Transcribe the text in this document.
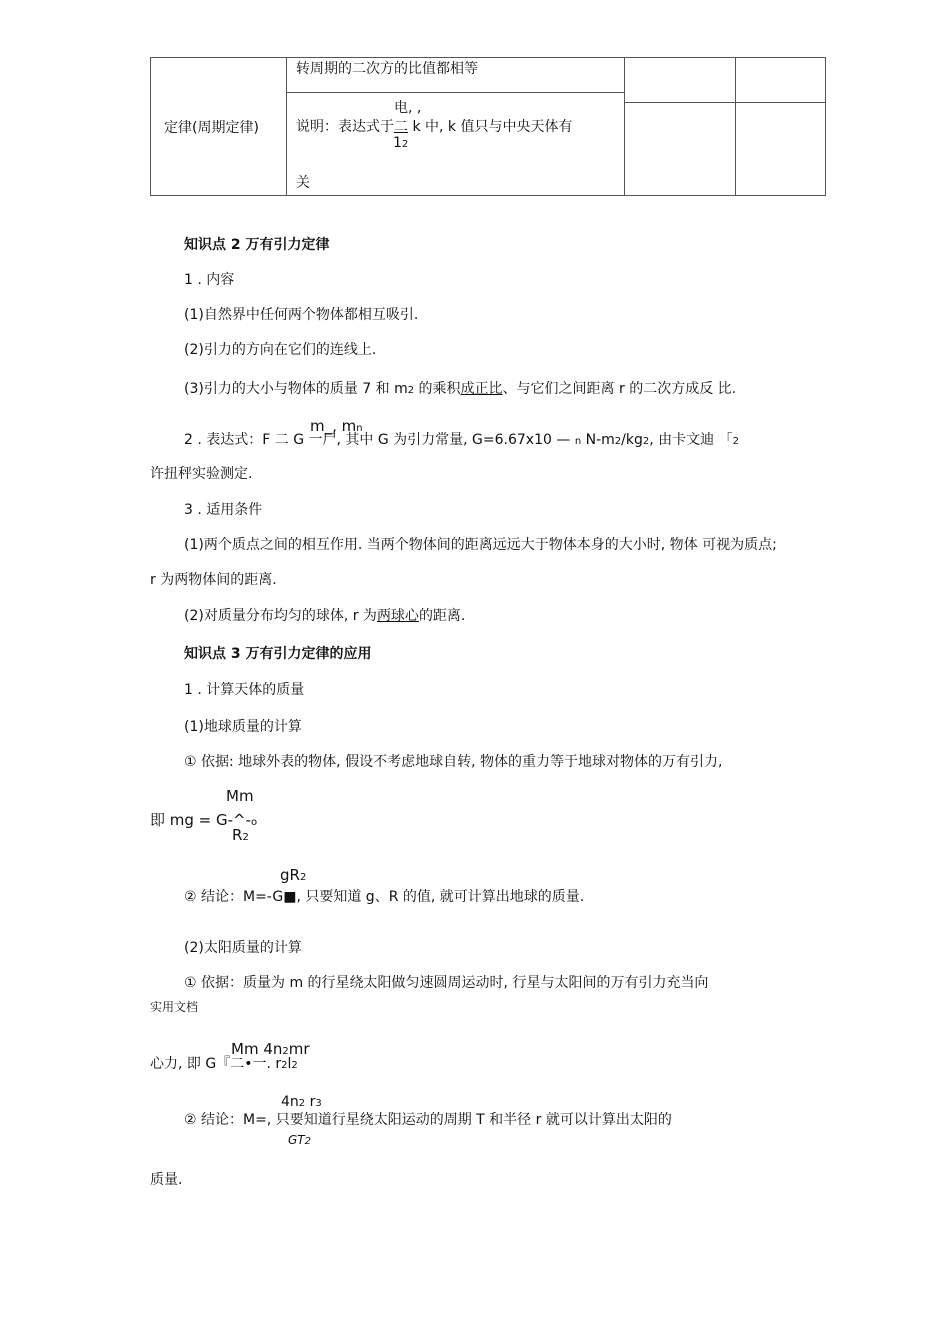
定律(周期定律)
转周期的二次方的比值都相等
电, ,
说明：表达式于二 k 中, k 值只与中央天体有
12
关
知识点 2 万有引力定律
1 . 内容
(1)自然界中任何两个物体都相互吸引.
(2)引力的方向在它们的连线上.
(3)引力的大小与物体的质量 7 和 m2 的乘积成正比、与它们之间距离 r 的二次方成反 比.
m_, mn
2 . 表达式：F 二 G 一尸, 其中 G 为引力常量, G=6.67x10 — n N-m2/kg2, 由卡文迪 「2
许扭秤实验测定.
3 . 适用条件
(1)两个质点之间的相互作用. 当两个物体间的距离远远大于物体本身的大小时, 物体 可视为质点;
r 为两物体间的距离.
(2)对质量分布均匀的球体, r 为两球心的距离.
知识点 3 万有引力定律的应用
1 . 计算天体的质量
(1)地球质量的计算
① 依据: 地球外表的物体, 假设不考虑地球自转, 物体的重力等于地球对物体的万有引力,
Mm
即 mg = G-^-o
R2
gR2
② 结论：M=-G■, 只要知道 g、R 的值, 就可计算出地球的质量.
(2)太阳质量的计算
① 依据：质量为 m 的行星绕太阳做匀速圆周运动时, 行星与太阳间的万有引力充当向
实用文档
Mm 4n2mr
心力, 即 G『二•一. r2l2
4n2 r3
② 结论：M=, 只要知道行星绕太阳运动的周期 T 和半径 r 就可以计算出太阳的
GT2
质量.
